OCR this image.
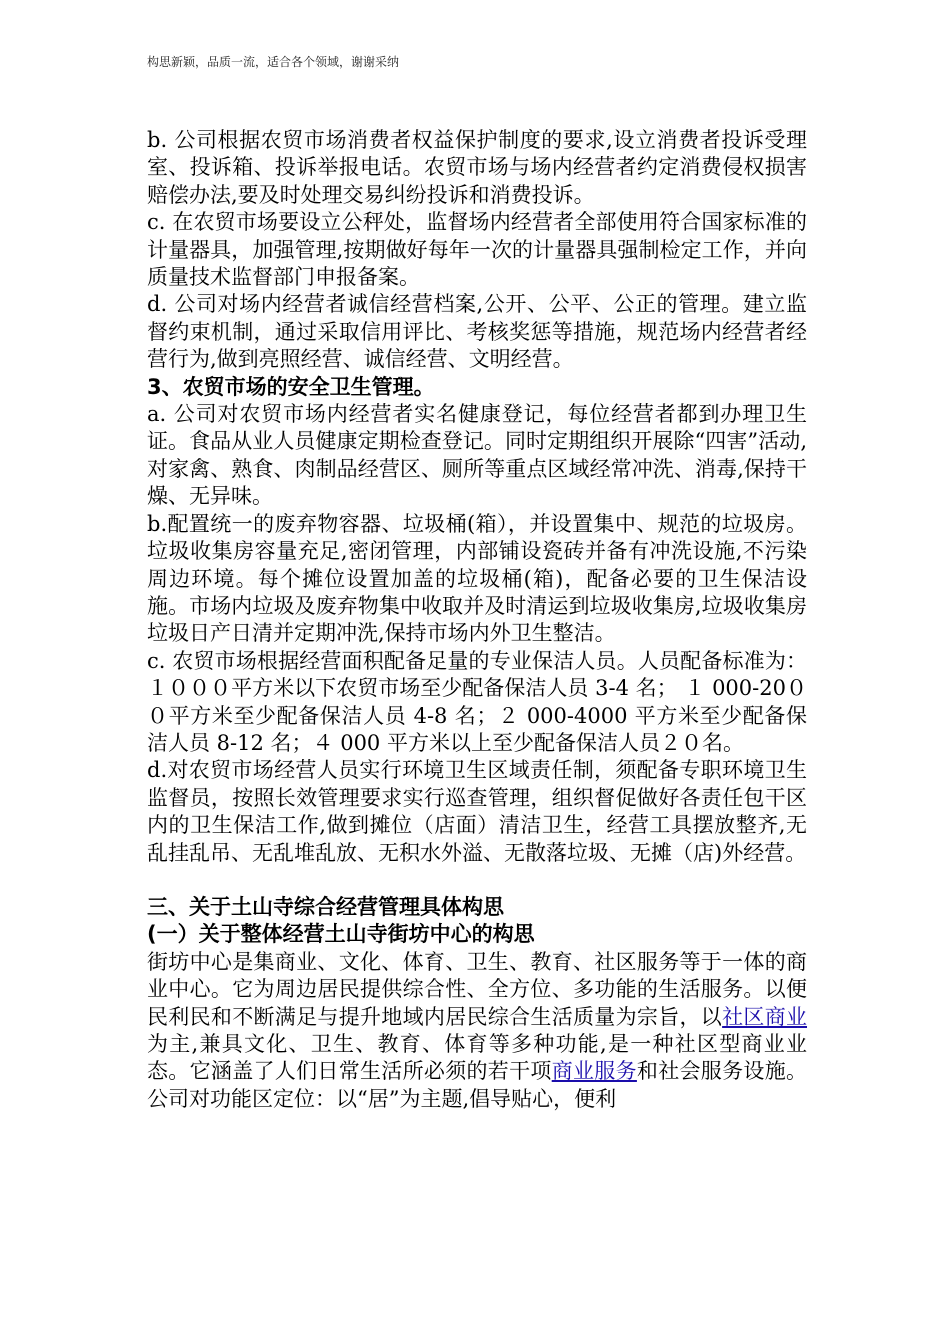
构思新颖，品质一流，适合各个领域，谢谢采纳

b. 公司根据农贸市场消费者权益保护制度的要求,设立消费者投诉受理室、投诉箱、投诉举报电话。农贸市场与场内经营者约定消费侵权损害赔偿办法,要及时处理交易纠纷投诉和消费投诉。

c. 在农贸市场要设立公秤处，监督场内经营者全部使用符合国家标准的计量器具，加强管理,按期做好每年一次的计量器具强制检定工作，并向质量技术监督部门申报备案。

d. 公司对场内经营者诚信经营档案,公开、公平、公正的管理。建立监督约束机制，通过采取信用评比、考核奖惩等措施，规范场内经营者经营行为,做到亮照经营、诚信经营、文明经营。

3、农贸市场的安全卫生管理。

a. 公司对农贸市场内经营者实名健康登记，每位经营者都到办理卫生证。食品从业人员健康定期检查登记。同时定期组织开展除“四害”活动,对家禽、熟食、肉制品经营区、厕所等重点区域经常冲洗、消毒,保持干燥、无异味。

b.配置统一的废弃物容器、垃圾桶(箱），并设置集中、规范的垃圾房。垃圾收集房容量充足,密闭管理，内部铺设瓷砖并备有冲洗设施,不污染周边环境。每个摊位设置加盖的垃圾桶(箱)，配备必要的卫生保洁设施。市场内垃圾及废弃物集中收取并及时清运到垃圾收集房,垃圾收集房垃圾日产日清并定期冲洗,保持市场内外卫生整洁。

c. 农贸市场根据经营面积配备足量的专业保洁人员。人员配备标准为：１０００平方米以下农贸市场至少配备保洁人员 3-4 名； １ 000-20００平方米至少配备保洁人员 4-8 名；２ 000-4000 平方米至少配备保洁人员 8-12 名；４ 000 平方米以上至少配备保洁人员２０名。

d.对农贸市场经营人员实行环境卫生区域责任制，须配备专职环境卫生监督员，按照长效管理要求实行巡查管理，组织督促做好各责任包干区内的卫生保洁工作,做到摊位（店面）清洁卫生，经营工具摆放整齐,无乱挂乱吊、无乱堆乱放、无积水外溢、无散落垃圾、无摊（店)外经营。

三、关于土山寺综合经营管理具体构思

(一）关于整体经营土山寺街坊中心的构思

街坊中心是集商业、文化、体育、卫生、教育、社区服务等于一体的商业中心。它为周边居民提供综合性、全方位、多功能的生活服务。以便民利民和不断满足与提升地域内居民综合生活质量为宗旨，以社区商业为主,兼具文化、卫生、教育、体育等多种功能,是一种社区型商业业态。它涵盖了人们日常生活所必须的若干项商业服务和社会服务设施。公司对功能区定位：以“居”为主题,倡导贴心，便利
